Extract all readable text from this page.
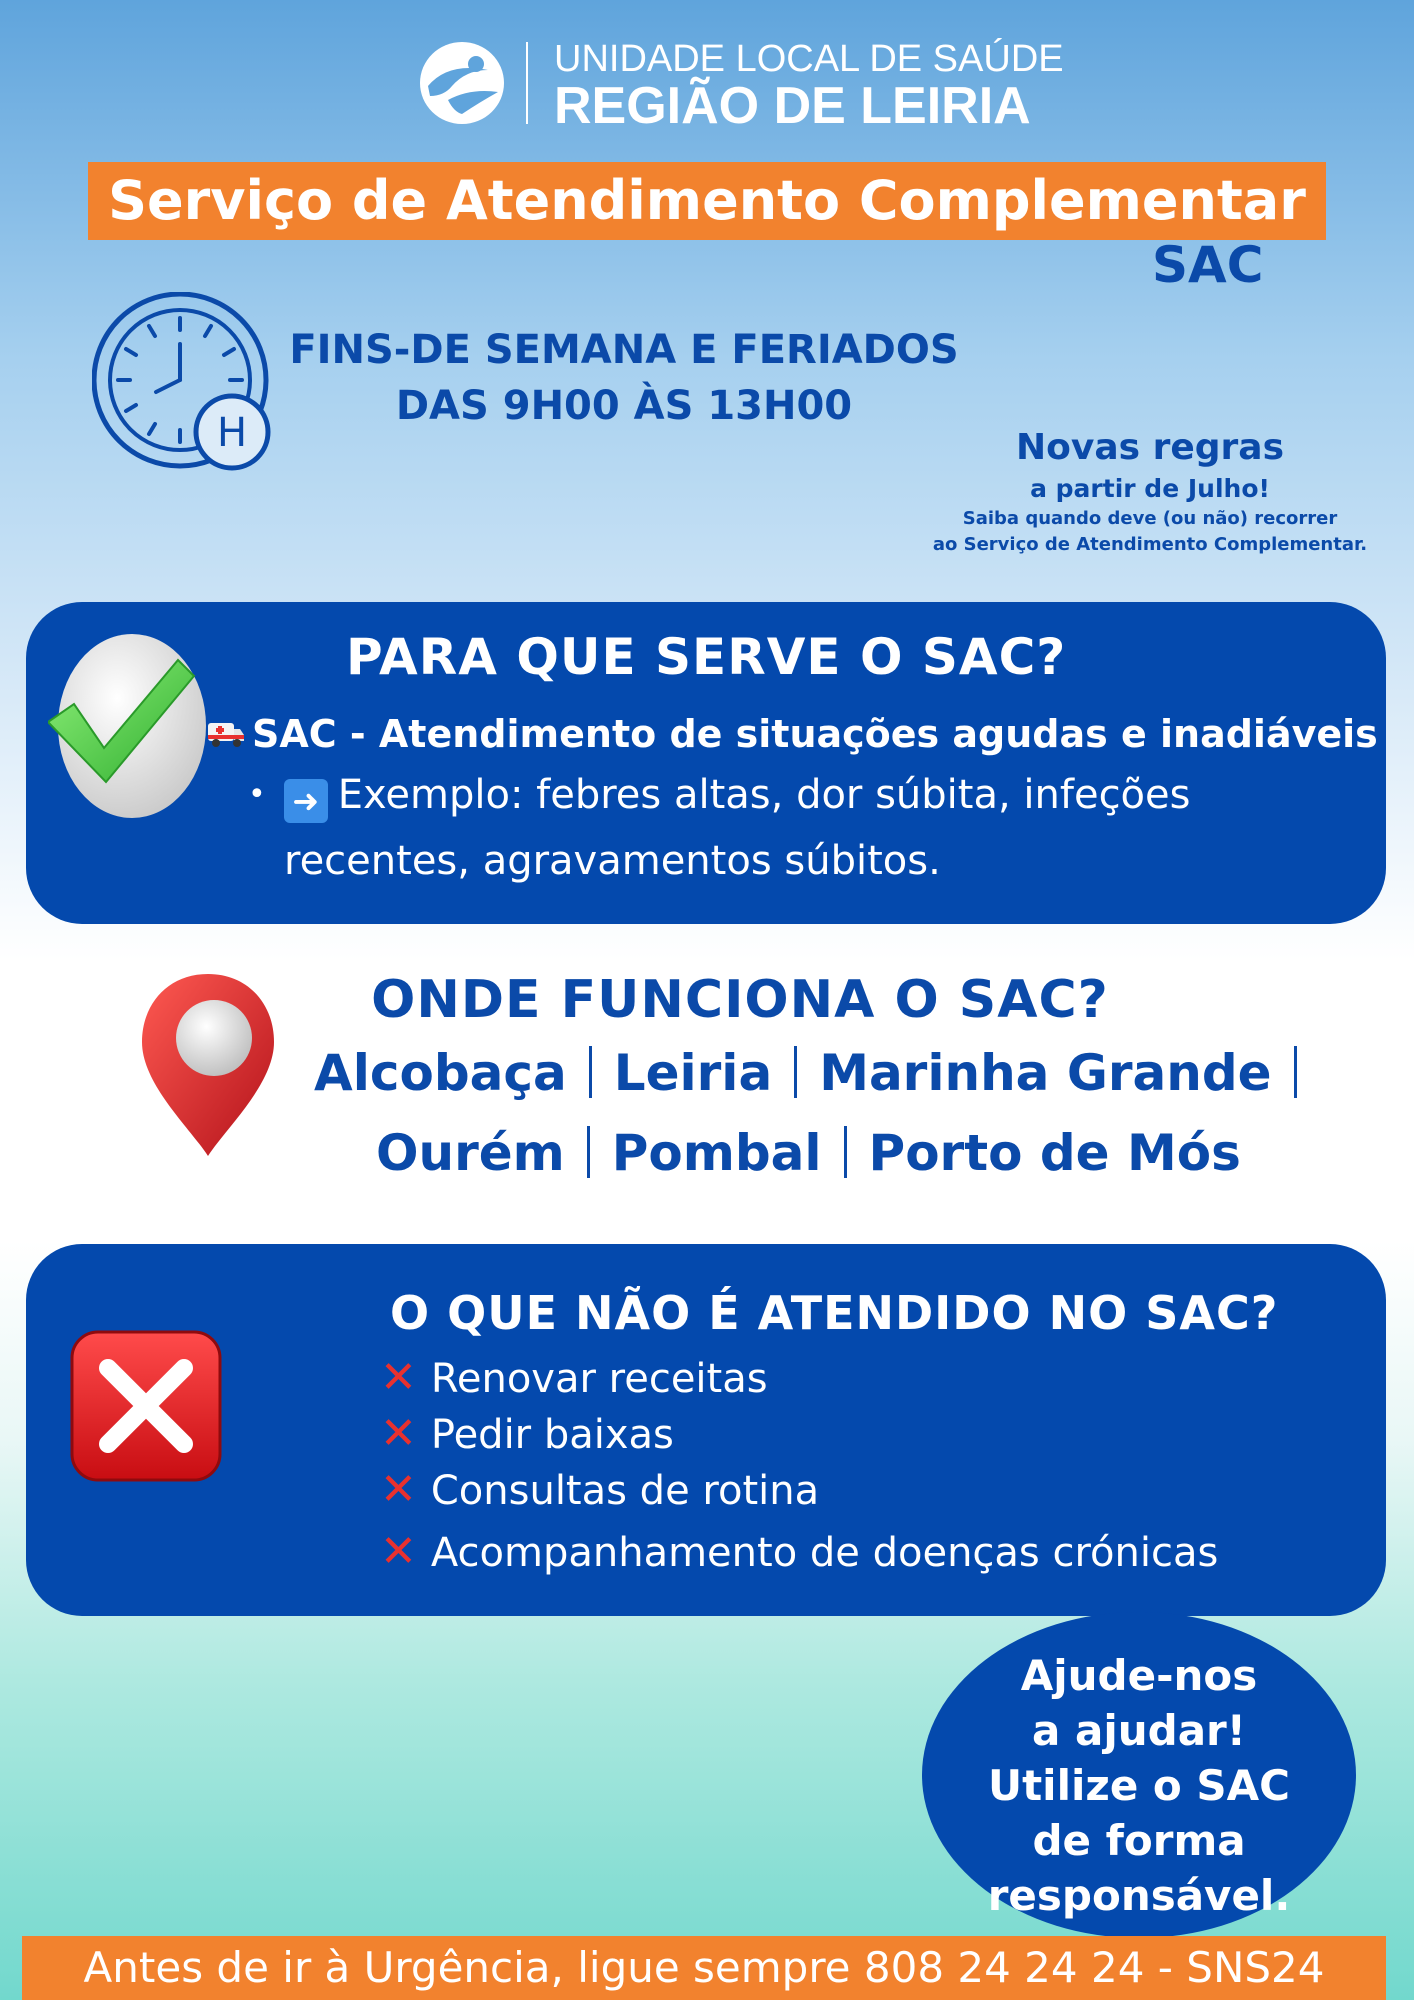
UNIDADE LOCAL DE SAÚDE
REGIÃO DE LEIRIA
Serviço de Atendimento Complementar
SAC
H
FINS-DE SEMANA E FERIADOS
DAS 9H00 ÀS 13H00
Novas regras
a partir de Julho!
Saiba quando deve (ou não) recorrer
ao Serviço de Atendimento Complementar.
PARA QUE SERVE O SAC?
SAC - Atendimento de situações agudas e inadiáveis
• ➜ Exemplo: febres altas, dor súbita, infeções
recentes, agravamentos súbitos.
ONDE FUNCIONA O SAC?
Alcobaça Leiria Marinha Grande
Ourém Pombal Porto de Mós
O QUE NÃO É ATENDIDO NO SAC?
✕ Renovar receitas
✕ Pedir baixas
✕ Consultas de rotina
✕ Acompanhamento de doenças crónicas
Ajude-nos
a ajudar!
Utilize o SAC
de forma
responsável.
Antes de ir à Urgência, ligue sempre 808 24 24 24 - SNS24
